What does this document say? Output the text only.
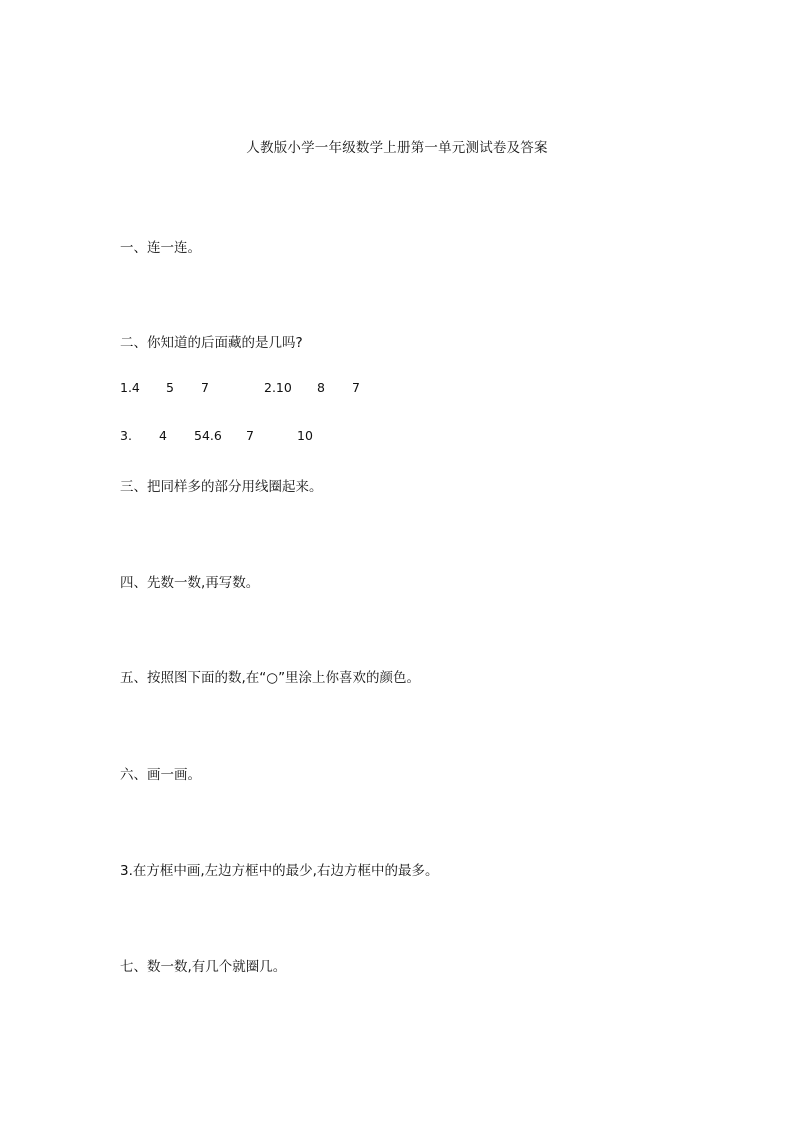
人教版小学一年级数学上册第一单元测试卷及答案
一、连一连。
二、你知道的后面藏的是几吗?
1.4 5 7	2.10 8 7
3. 4 54.6 7	10
三、把同样多的部分用线圈起来。
四、先数一数,再写数。
五、按照图下面的数,在“○”里涂上你喜欢的颜色。
六、画一画。
3.在方框中画,左边方框中的最少,右边方框中的最多。
七、数一数,有几个就圈几。
